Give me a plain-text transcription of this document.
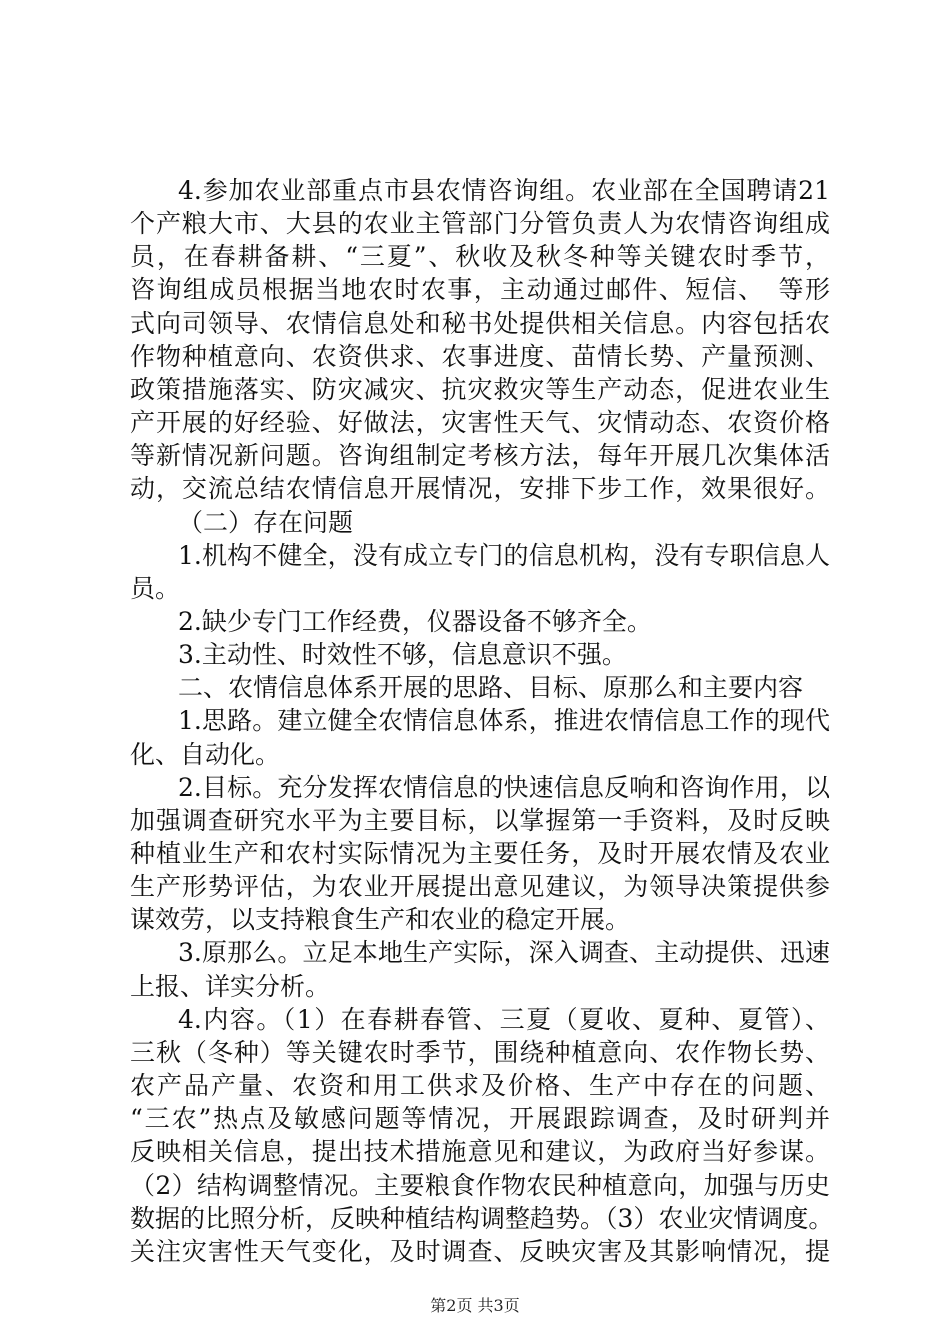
4.参加农业部重点市县农情咨询组。农业部在全国聘请21
个产粮大市、大县的农业主管部门分管负责人为农情咨询组成
员，在春耕备耕、“三夏”、秋收及秋冬种等关键农时季节，
咨询组成员根据当地农时农事，主动通过邮件、短信、　等形
式向司领导、农情信息处和秘书处提供相关信息。内容包括农
作物种植意向、农资供求、农事进度、苗情长势、产量预测、
政策措施落实、防灾减灾、抗灾救灾等生产动态，促进农业生
产开展的好经验、好做法，灾害性天气、灾情动态、农资价格
等新情况新问题。咨询组制定考核方法，每年开展几次集体活
动，交流总结农情信息开展情况，安排下步工作，效果很好。
（二）存在问题
1.机构不健全，没有成立专门的信息机构，没有专职信息人
员。
2.缺少专门工作经费，仪器设备不够齐全。
3.主动性、时效性不够，信息意识不强。
二、农情信息体系开展的思路、目标、原那么和主要内容
1.思路。建立健全农情信息体系，推进农情信息工作的现代
化、自动化。
2.目标。充分发挥农情信息的快速信息反响和咨询作用，以
加强调查研究水平为主要目标，以掌握第一手资料，及时反映
种植业生产和农村实际情况为主要任务，及时开展农情及农业
生产形势评估，为农业开展提出意见建议，为领导决策提供参
谋效劳，以支持粮食生产和农业的稳定开展。
3.原那么。立足本地生产实际，深入调查、主动提供、迅速
上报、详实分析。
4.内容。（1）在春耕春管、三夏（夏收、夏种、夏管）、
三秋（冬种）等关键农时季节，围绕种植意向、农作物长势、
农产品产量、农资和用工供求及价格、生产中存在的问题、
“三农”热点及敏感问题等情况，开展跟踪调查，及时研判并
反映相关信息，提出技术措施意见和建议，为政府当好参谋。
（2）结构调整情况。主要粮食作物农民种植意向，加强与历史
数据的比照分析，反映种植结构调整趋势。（3）农业灾情调度。
关注灾害性天气变化，及时调查、反映灾害及其影响情况，提
第2页 共3页
